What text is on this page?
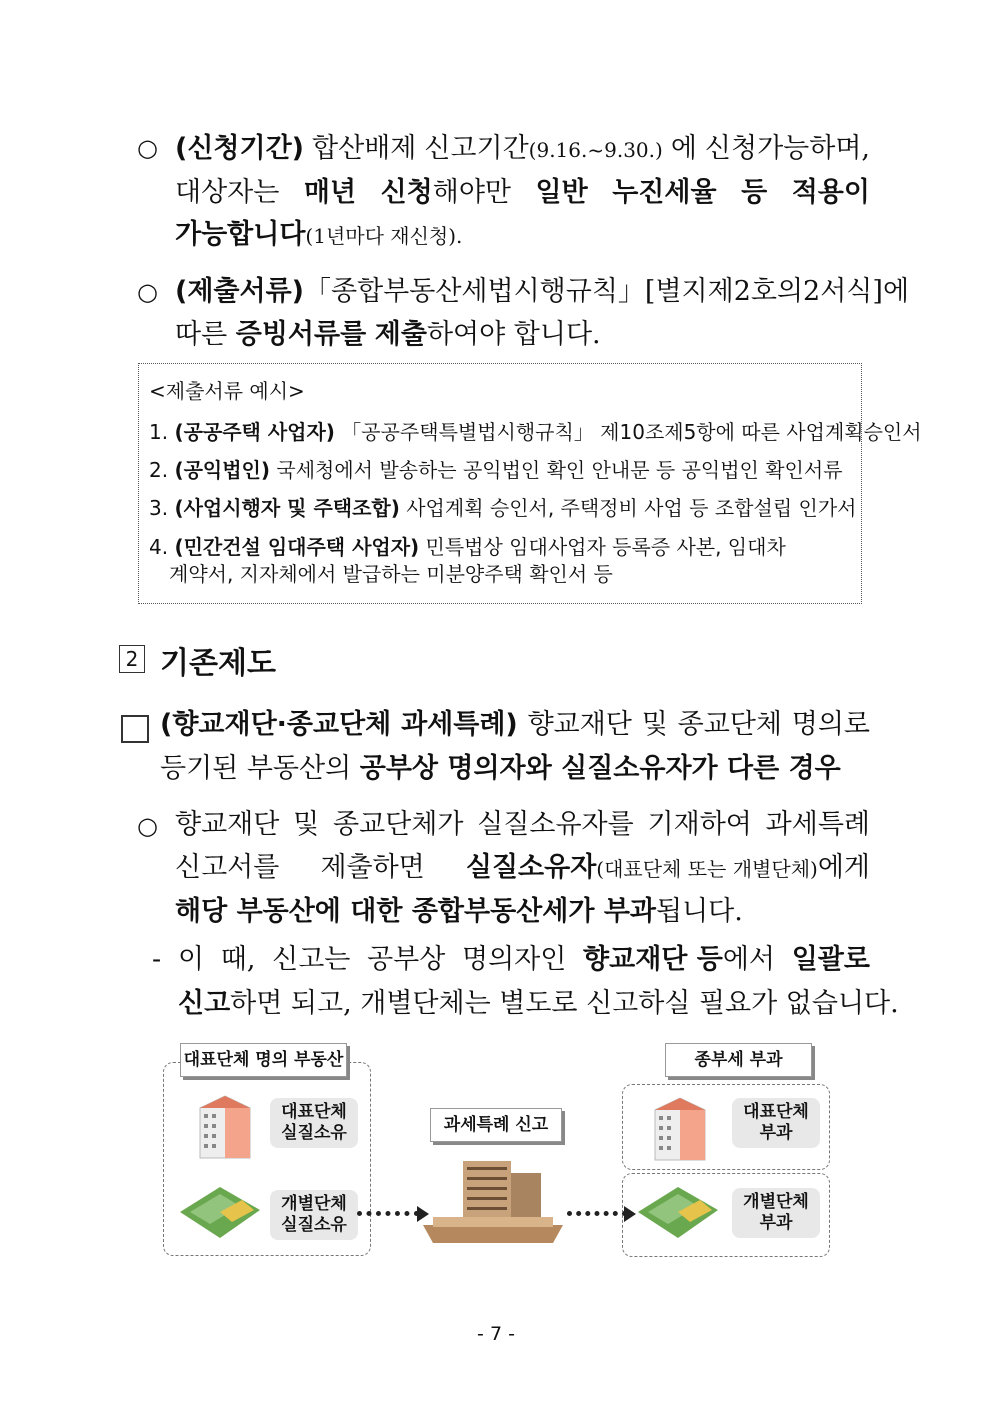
○ (신청기간) 합산배제 신고기간(9.16.~9.30.) 에 신청가능하며,
대상자는 매년 신청해야만 일반 누진세율 등 적용이
가능합니다(1년마다 재신청).
○ (제출서류) 「종합부동산세법 시행규칙」 [별지 제2호의2서식] 에
따른 증빙서류를 제출하여야 합니다.
<제출서류 예시>
1. (공공주택 사업자) 「공공주택특별법시행규칙」 제10조제5항에 따른 사업계획승인서
2. (공익법인) 국세청에서 발송하는 공익법인 확인 안내문 등 공익법인 확인서류
3. (사업시행자 및 주택조합) 사업계획 승인서, 주택정비 사업 등 조합설립 인가서
4. (민간건설 임대주택 사업자) 민특법상 임대사업자 등록증 사본, 임대차
계약서, 지자체에서 발급하는 미분양주택 확인서 등
2 기존제도
(향교재단·종교단체 과세특례) 향교재단 및 종교단체 명의로
등기된 부동산의 공부상 명의자와 실질소유자가 다른 경우
○ 향교재단 및 종교단체가 실질소유자를 기재하여 과세특례
신고서를 제출하면 실질소유자(대표단체 또는 개별단체)에게
해당 부동산에 대한 종합부동산세가 부과됩니다.
- 이 때, 신고는 공부상 명의자인 향교재단 등에서 일괄로
신고하면 되고, 개별단체는 별도로 신고하실 필요가 없습니다.
대표단체 명의 부동산
대표단체
실질소유
개별단체
실질소유
과세특례 신고
종부세 부과
대표단체
부과
개별단체
부과
- 7 -
